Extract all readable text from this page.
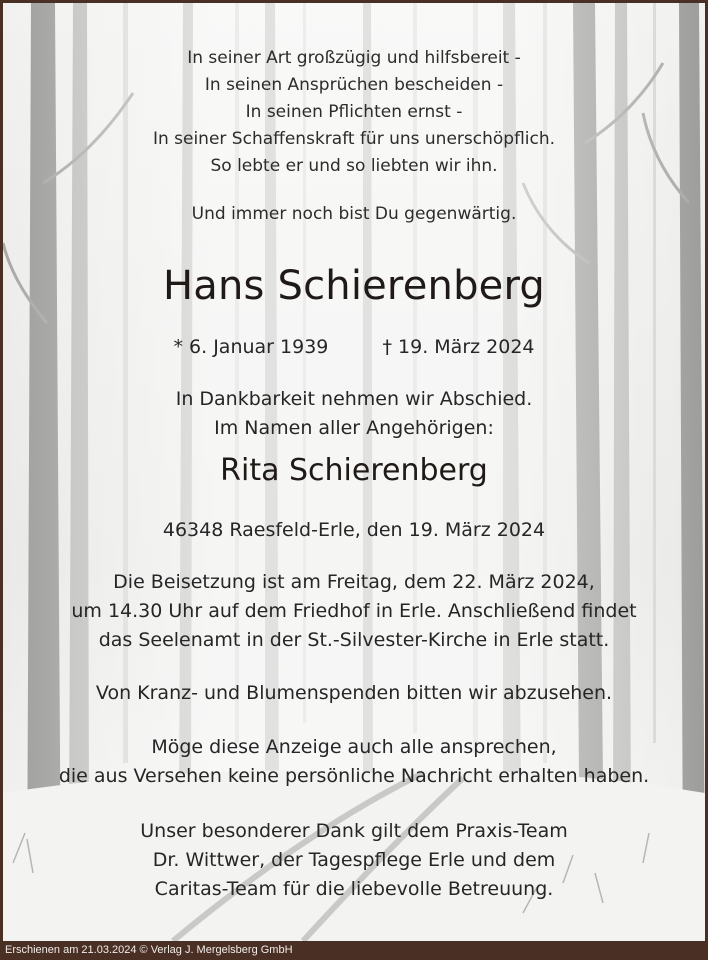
In seiner Art großzügig und hilfsbereit -
In seinen Ansprüchen bescheiden -
In seinen Pflichten ernst -
In seiner Schaffenskraft für uns unerschöpflich.
So lebte er und so liebten wir ihn.
Und immer noch bist Du gegenwärtig.
Hans Schierenberg
* 6. Januar 1939	† 19. März 2024
In Dankbarkeit nehmen wir Abschied.
Im Namen aller Angehörigen:
Rita Schierenberg
46348 Raesfeld-Erle, den 19. März 2024
Die Beisetzung ist am Freitag, dem 22. März 2024,
um 14.30 Uhr auf dem Friedhof in Erle. Anschließend findet
das Seelenamt in der St.-Silvester-Kirche in Erle statt.
Von Kranz- und Blumenspenden bitten wir abzusehen.
Möge diese Anzeige auch alle ansprechen,
die aus Versehen keine persönliche Nachricht erhalten haben.
Unser besonderer Dank gilt dem Praxis-Team
Dr. Wittwer, der Tagespflege Erle und dem
Caritas-Team für die liebevolle Betreuung.
Erschienen am 21.03.2024 © Verlag J. Mergelsberg GmbH
